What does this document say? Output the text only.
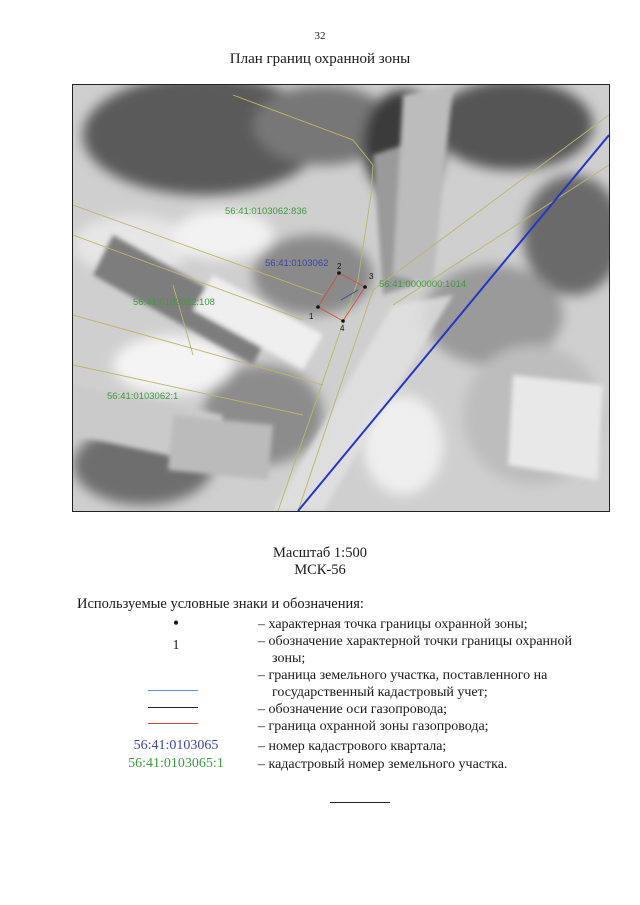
32
План границ охранной зоны
1
2
3
4
56:41:0103062:836
56:41:0103062
56:41:0103062:108
56:41:0103062:1
56:41:0000000:1014
Масштаб 1:500
МСК-56
Используемые условные знаки и обозначения:
•
1
56:41:0103065
56:41:0103065:1
– характерная точка границы охранной зоны;
– обозначение характерной точки границы охранной
зоны;
– граница земельного участка, поставленного на
государственный кадастровый учет;
– обозначение оси газопровода;
– граница охранной зоны газопровода;
– номер кадастрового квартала;
– кадастровый номер земельного участка.
